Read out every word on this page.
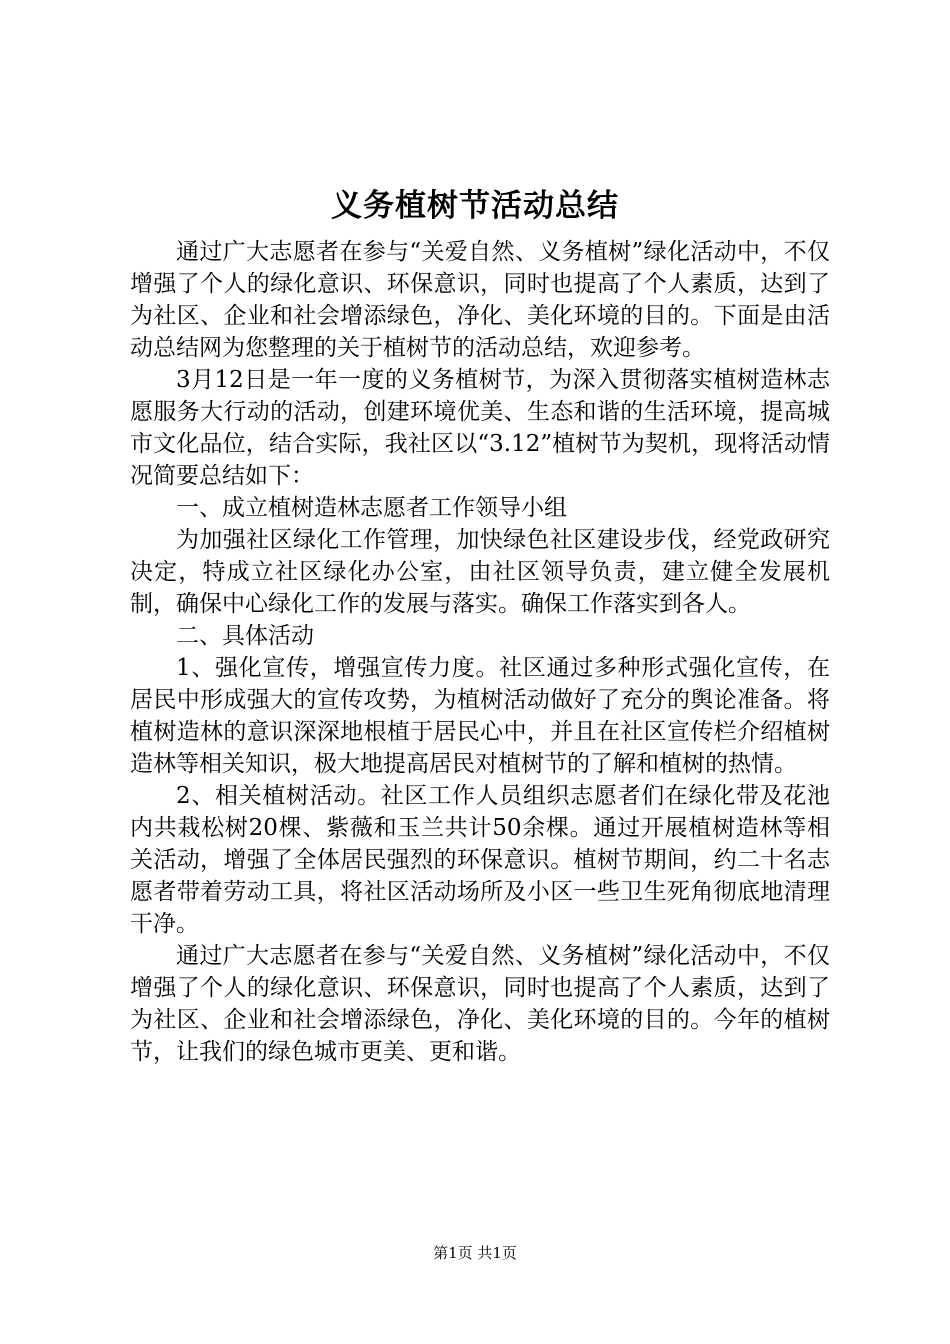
义务植树节活动总结

通过广大志愿者在参与“关爱自然、义务植树”绿化活动中，不仅增强了个人的绿化意识、环保意识，同时也提高了个人素质，达到了为社区、企业和社会增添绿色，净化、美化环境的目的。下面是由活动总结网为您整理的关于植树节的活动总结，欢迎参考。

3月12日是一年一度的义务植树节，为深入贯彻落实植树造林志愿服务大行动的活动，创建环境优美、生态和谐的生活环境，提高城市文化品位，结合实际，我社区以“3.12”植树节为契机，现将活动情况简要总结如下：

一、成立植树造林志愿者工作领导小组

为加强社区绿化工作管理，加快绿色社区建设步伐，经党政研究决定，特成立社区绿化办公室，由社区领导负责，建立健全发展机制，确保中心绿化工作的发展与落实。确保工作落实到各人。

二、具体活动

1、强化宣传，增强宣传力度。社区通过多种形式强化宣传，在居民中形成强大的宣传攻势，为植树活动做好了充分的舆论准备。将植树造林的意识深深地根植于居民心中，并且在社区宣传栏介绍植树造林等相关知识，极大地提高居民对植树节的了解和植树的热情。

2、相关植树活动。社区工作人员组织志愿者们在绿化带及花池内共栽松树20棵、紫薇和玉兰共计50余棵。通过开展植树造林等相关活动，增强了全体居民强烈的环保意识。植树节期间，约二十名志愿者带着劳动工具，将社区活动场所及小区一些卫生死角彻底地清理干净。

通过广大志愿者在参与“关爱自然、义务植树”绿化活动中，不仅增强了个人的绿化意识、环保意识，同时也提高了个人素质，达到了为社区、企业和社会增添绿色，净化、美化环境的目的。今年的植树节，让我们的绿色城市更美、更和谐。

第1页 共1页
